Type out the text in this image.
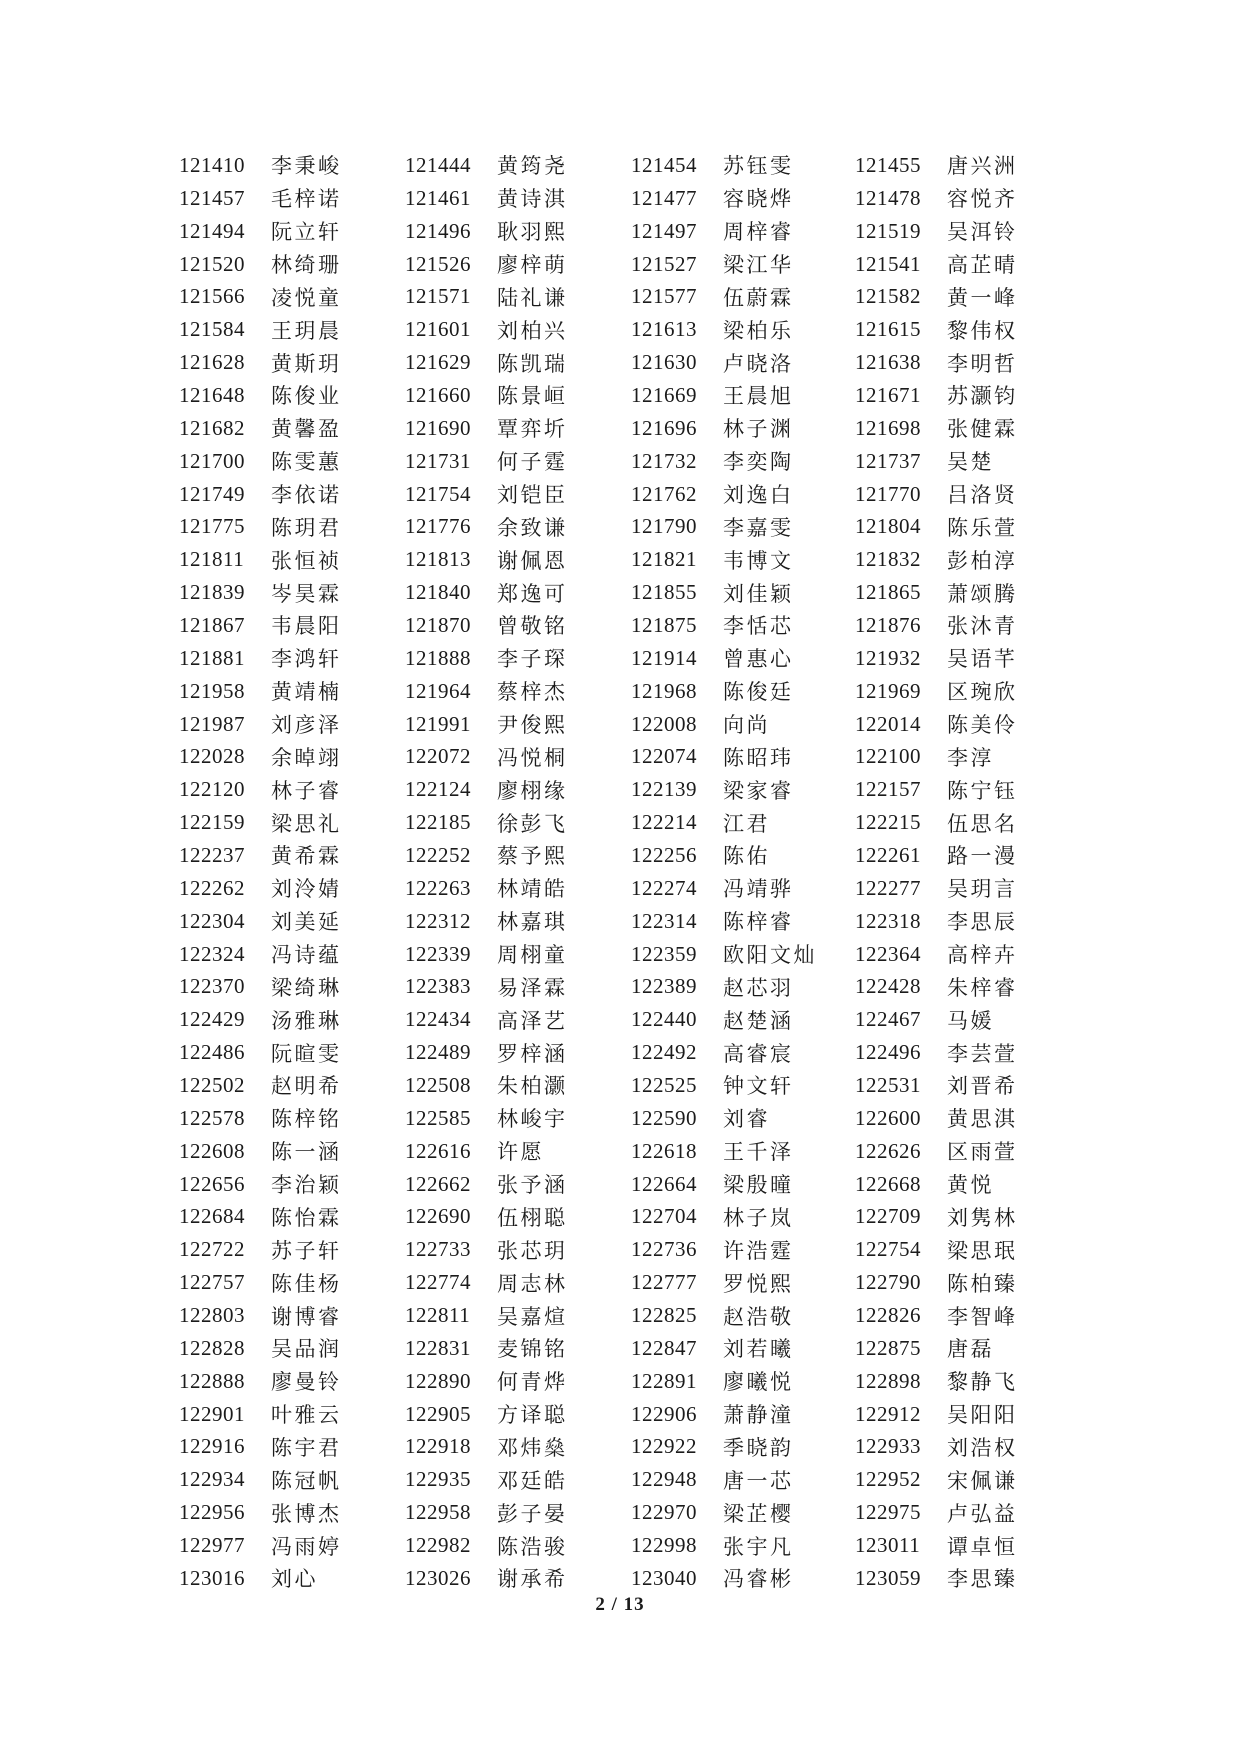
121410 李秉峻	121444 黄筠尧	121454 苏钰雯	121455 唐兴洲
121457 毛梓诺	121461 黄诗淇	121477 容晓烨	121478 容悦齐
121494 阮立轩	121496 耿羽熙	121497 周梓睿	121519 吴洱铃
121520 林绮珊	121526 廖梓萌	121527 梁江华	121541 高芷晴
121566 凌悦童	121571 陆礼谦	121577 伍蔚霖	121582 黄一峰
121584 王玥晨	121601 刘柏兴	121613 梁柏乐	121615 黎伟权
121628 黄斯玥	121629 陈凯瑞	121630 卢晓洛	121638 李明哲
121648 陈俊业	121660 陈景峘	121669 王晨旭	121671 苏灏钧
121682 黄馨盈	121690 覃弈圻	121696 林子渊	121698 张健霖
121700 陈雯蕙	121731 何子霆	121732 李奕陶	121737 吴楚
121749 李依诺	121754 刘铠臣	121762 刘逸白	121770 吕洛贤
121775 陈玥君	121776 余致谦	121790 李嘉雯	121804 陈乐萱
121811 张恒祯	121813 谢佩恩	121821 韦博文	121832 彭柏淳
121839 岑昊霖	121840 郑逸可	121855 刘佳颖	121865 萧颂腾
121867 韦晨阳	121870 曾敬铭	121875 李恬芯	121876 张沐青
121881 李鸿轩	121888 李子琛	121914 曾惠心	121932 吴语芊
121958 黄靖楠	121964 蔡梓杰	121968 陈俊廷	121969 区琬欣
121987 刘彦泽	121991 尹俊熙	122008 向尚	122014 陈美伶
122028 余晫翊	122072 冯悦桐	122074 陈昭玮	122100 李淳
122120 林子睿	122124 廖栩缘	122139 梁家睿	122157 陈宁钰
122159 梁思礼	122185 徐彭飞	122214 江君	122215 伍思名
122237 黄希霖	122252 蔡予熙	122256 陈佑	122261 路一漫
122262 刘泠婧	122263 林靖皓	122274 冯靖骅	122277 吴玥言
122304 刘美延	122312 林嘉琪	122314 陈梓睿	122318 李思辰
122324 冯诗蕴	122339 周栩童	122359 欧阳文灿 122364 高梓卉
122370 梁绮琳	122383 易泽霖	122389 赵芯羽	122428 朱梓睿
122429 汤雅琳	122434 高泽艺	122440 赵楚涵	122467 马媛
122486 阮暄雯	122489 罗梓涵	122492 高睿宸	122496 李芸萱
122502 赵明希	122508 朱柏灏	122525 钟文轩	122531 刘晋希
122578 陈梓铭	122585 林峻宇	122590 刘睿	122600 黄思淇
122608 陈一涵	122616 许愿	122618 王千泽	122626 区雨萱
122656 李治颖	122662 张予涵	122664 梁殷曈	122668 黄悦
122684 陈怡霖	122690 伍栩聪	122704 林子岚	122709 刘隽林
122722 苏子轩	122733 张芯玥	122736 许浩霆	122754 梁思珉
122757 陈佳杨	122774 周志林	122777 罗悦熙	122790 陈柏臻
122803 谢博睿	122811 吴嘉煊	122825 赵浩敬	122826 李智峰
122828 吴品润	122831 麦锦铭	122847 刘若曦	122875 唐磊
122888 廖曼铃	122890 何青烨	122891 廖曦悦	122898 黎静飞
122901 叶雅云	122905 方译聪	122906 萧静潼	122912 吴阳阳
122916 陈宇君	122918 邓炜燊	122922 季晓韵	122933 刘浩权
122934 陈冠帆	122935 邓廷皓	122948 唐一芯	122952 宋佩谦
122956 张博杰	122958 彭子晏	122970 梁芷樱	122975 卢弘益
122977 冯雨婷	122982 陈浩骏	122998 张宇凡	123011 谭卓恒
123016 刘心	123026 谢承希	123040 冯睿彬	123059 李思臻
2 / 13
